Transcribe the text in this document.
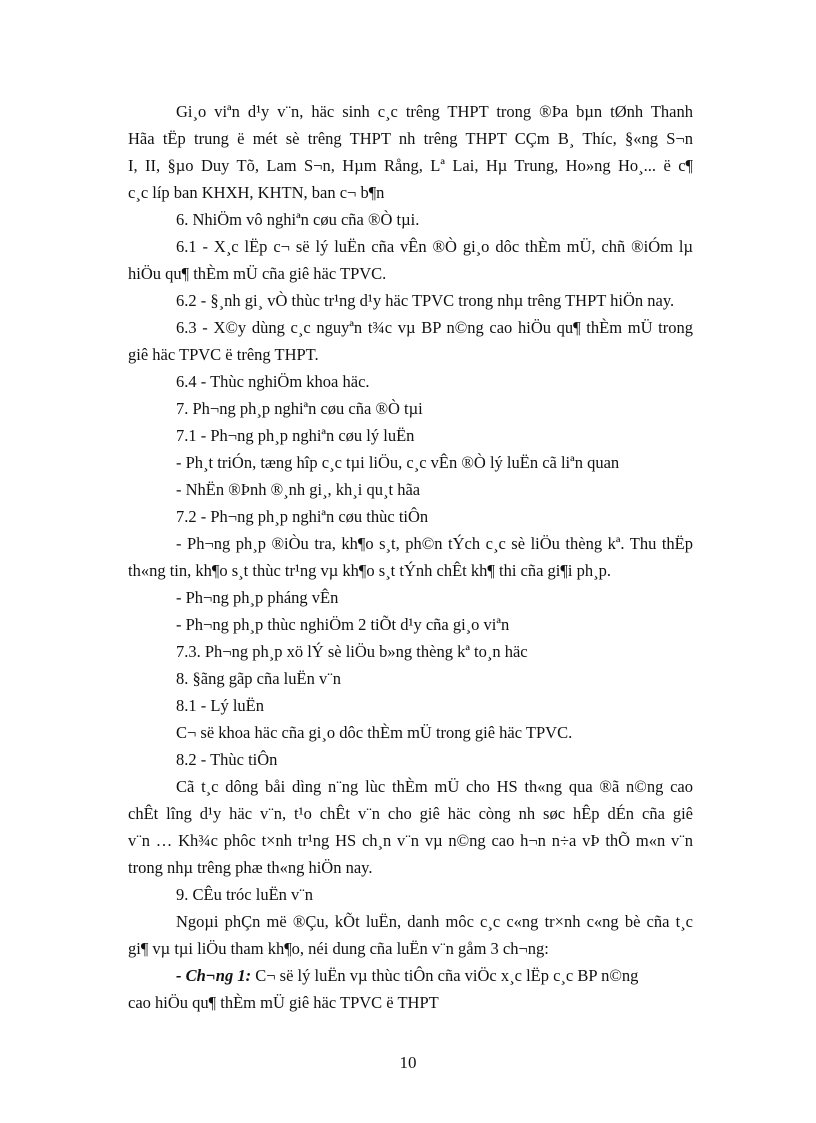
Gi¸o viªn d¹y v¨n, häc sinh c¸c trêng THPT trong ®Þa bµn tØnh Thanh

Hãa tËp trung ë mét sè trêng THPT nh trêng THPT CÇm B¸ Thíc, §«ng S¬n

I, II, §µo Duy Tõ, Lam S¬n, Hµm Rång, Lª Lai, Hµ Trung, Ho»ng Ho¸... ë c¶

c¸c líp ban KHXH, KHTN, ban c¬ b¶n

6. NhiÖm vô nghiªn cøu cña ®Ò tµi.

6.1 - X¸c lËp c¬ së lý luËn cña vÊn ®Ò gi¸o dôc thÈm mÜ, chñ ®iÓm lµ

hiÖu qu¶ thÈm mÜ cña giê häc TPVC.

6.2 - §¸nh gi¸ vÒ thùc tr¹ng d¹y häc TPVC trong nhµ trêng THPT hiÖn nay.

6.3 - X©y dùng c¸c nguyªn t¾c vµ BP n©ng cao hiÖu qu¶ thÈm mÜ trong

giê häc TPVC ë trêng THPT.

6.4 - Thùc nghiÖm khoa häc.

7. Ph¬ng ph¸p nghiªn cøu cña ®Ò tµi

7.1 - Ph¬ng ph¸p nghiªn cøu lý luËn

- Ph¸t triÓn, tæng hîp c¸c tµi liÖu, c¸c vÊn ®Ò lý luËn cã liªn quan

- NhËn ®Þnh ®¸nh gi¸, kh¸i qu¸t hãa

7.2 - Ph¬ng ph¸p nghiªn cøu thùc tiÔn

- Ph¬ng ph¸p ®iÒu tra, kh¶o s¸t, ph©n tÝch c¸c sè liÖu thèng kª. Thu thËp

th«ng tin, kh¶o s¸t thùc tr¹ng vµ kh¶o s¸t tÝnh chÊt kh¶ thi cña gi¶i ph¸p.

- Ph¬ng ph¸p pháng vÊn

- Ph¬ng ph¸p thùc nghiÖm 2 tiÕt d¹y cña gi¸o viªn

7.3. Ph¬ng ph¸p xö lÝ sè liÖu b»ng thèng kª to¸n häc

8. §ãng gãp cña luËn v¨n

8.1 - Lý luËn

C¬ së khoa häc cña gi¸o dôc thÈm mÜ trong giê häc TPVC.

8.2 - Thùc tiÔn

Cã t¸c dông båi dìng n¨ng lùc thÈm mÜ cho HS th«ng qua ®ã n©ng cao

chÊt lîng d¹y häc v¨n, t¹o chÊt v¨n cho giê häc còng nh søc hÊp dÉn cña giê

v¨n … Kh¾c phôc t×nh tr¹ng HS ch¸n v¨n vµ n©ng cao h¬n n÷a vÞ thÕ m«n v¨n

trong nhµ trêng phæ th«ng hiÖn nay.

9. CÊu tróc luËn v¨n

Ngoµi phÇn më ®Çu, kÕt luËn, danh môc c¸c c«ng tr×nh c«ng bè cña t¸c

gi¶ vµ tµi liÖu tham kh¶o, néi dung cña luËn v¨n gåm 3 ch¬ng:

- Ch¬ng 1: C¬ së lý luËn vµ thùc tiÔn cña viÖc x¸c lËp c¸c BP n©ng

cao hiÖu qu¶ thÈm mÜ giê häc TPVC ë THPT

10
